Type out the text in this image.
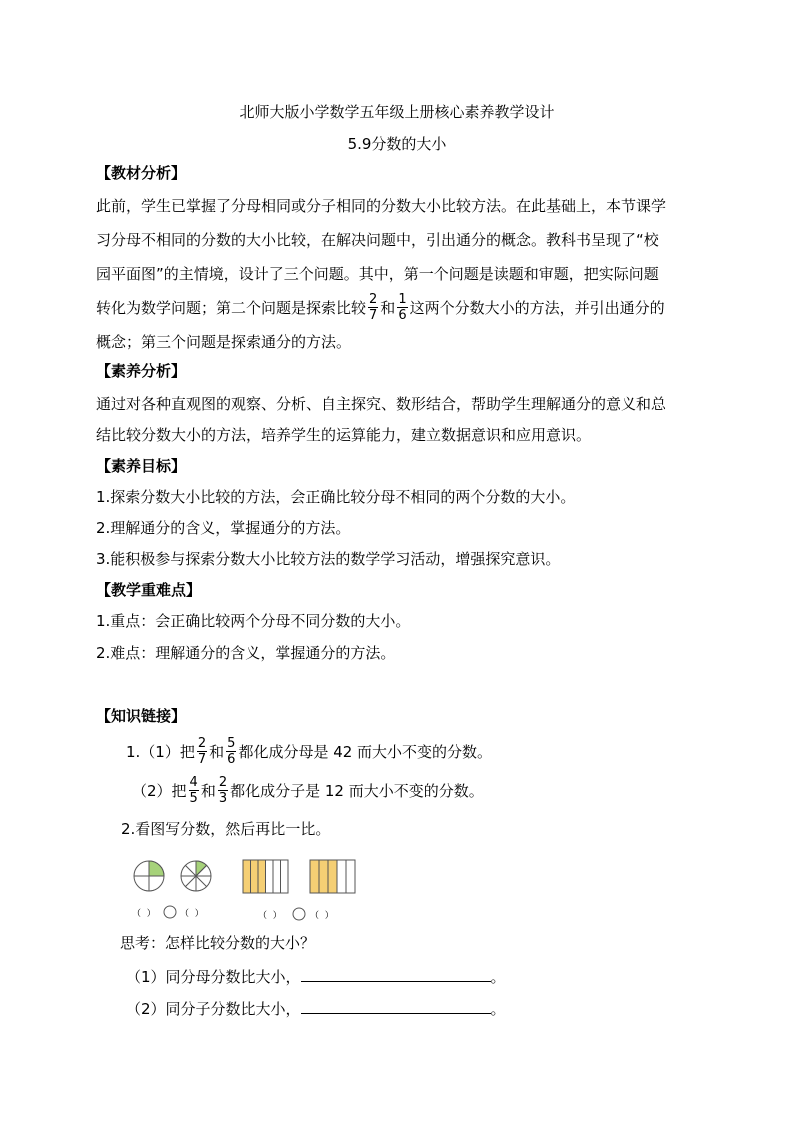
北师大版小学数学五年级上册核心素养教学设计
5.9分数的大小
【教材分析】
此前，学生已掌握了分母相同或分子相同的分数大小比较方法。在此基础上，本节课学
习分母不相同的分数的大小比较，在解决问题中，引出通分的概念。教科书呈现了“校
园平面图”的主情境，设计了三个问题。其中，第一个问题是读题和审题，把实际问题
转化为数学问题；第二个问题是探索比较 $\frac{2}{7}$ 和 $\frac{1}{6}$ 这两个分数大小的方法，并引出通分的
概念；第三个问题是探索通分的方法。
【素养分析】
通过对各种直观图的观察、分析、自主探究、数形结合，帮助学生理解通分的意义和总
结比较分数大小的方法，培养学生的运算能力，建立数据意识和应用意识。
【素养目标】
1.探索分数大小比较的方法，会正确比较分母不相同的两个分数的大小。
2.理解通分的含义，掌握通分的方法。
3.能积极参与探索分数大小比较方法的数学学习活动，增强探究意识。
【教学重难点】
1.重点：会正确比较两个分母不同分数的大小。
2.难点：理解通分的含义，掌握通分的方法。
【知识链接】
1.（1）把 $\frac{2}{7}$ 和 $\frac{5}{6}$ 都化成分母是 42 而大小不变的分数。
（2）把 $\frac{4}{5}$ 和 $\frac{2}{3}$ 都化成分子是 12 而大小不变的分数。
2.看图写分数，然后再比一比。
（ ）	（ ）	（ ）	（ ）
思考：怎样比较分数的大小？
（1）同分母分数比大小，	。
（2）同分子分数比大小，	。
